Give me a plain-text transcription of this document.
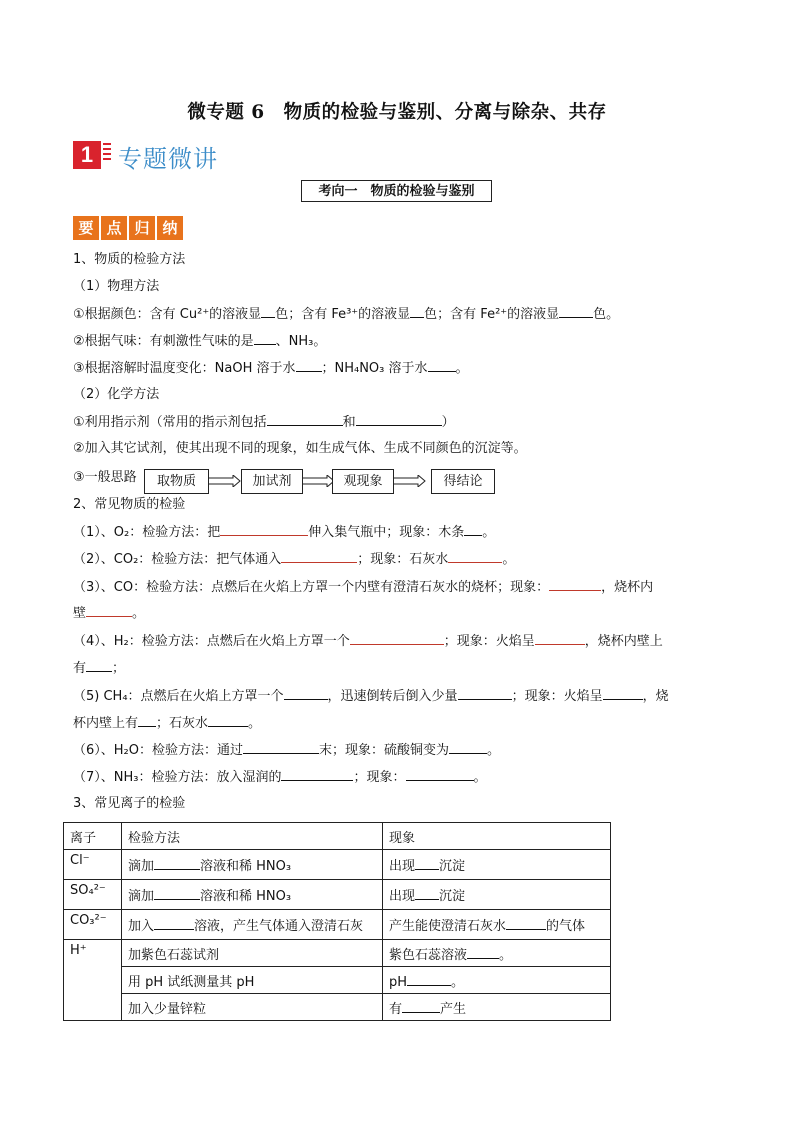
微专题 6　物质的检验与鉴别、分离与除杂、共存
1	专题微讲
考向一　物质的检验与鉴别
要 点 归 纳
1、物质的检验方法
（1）物理方法
①根据颜色：含有 Cu²⁺的溶液显 色；含有 Fe³⁺的溶液显 色；含有 Fe²⁺的溶液显	色。
②根据气味：有刺激性气味的是 、NH₃。
③根据溶解时温度变化：NaOH 溶于水 ；NH₄NO₃ 溶于水 。
（2）化学方法
①利用指示剂（常用的指示剂包括	和	）
②加入其它试剂，使其出现不同的现象，如生成气体、生成不同颜色的沉淀等。
③一般思路	取物质	加试剂	观现象	得结论
2、常见物质的检验
（1）、O₂：检验方法：把	伸入集气瓶中；现象：木条 。
（2）、CO₂：检验方法：把气体通入	；现象：石灰水	。
（3）、CO：检验方法：点燃后在火焰上方罩一个内壁有澄清石灰水的烧杯；现象：	，烧杯内
壁	。
（4）、H₂：检验方法：点燃后在火焰上方罩一个	；现象：火焰呈	，烧杯内壁上
有 ；
（5) CH₄：点燃后在火焰上方罩一个	，迅速倒转后倒入少量	；现象：火焰呈	，烧
杯内壁上有 ；石灰水	。
（6）、H₂O：检验方法：通过	末；现象：硫酸铜变为	。
（7）、NH₃：检验方法：放入湿润的	；现象：	。
3、常见离子的检验
离子	检验方法	现象
Cl⁻	滴加 溶液和稀 HNO₃	出现 沉淀
SO₄²⁻	滴加 溶液和稀 HNO₃	出现 沉淀
CO₃²⁻	加入 溶液，产生气体通入澄清石灰	产生能使澄清石灰水 的气体
H⁺	加紫色石蕊试剂	紫色石蕊溶液 。
	用 pH 试纸测量其 pH	pH 。
	加入少量锌粒	有 产生
